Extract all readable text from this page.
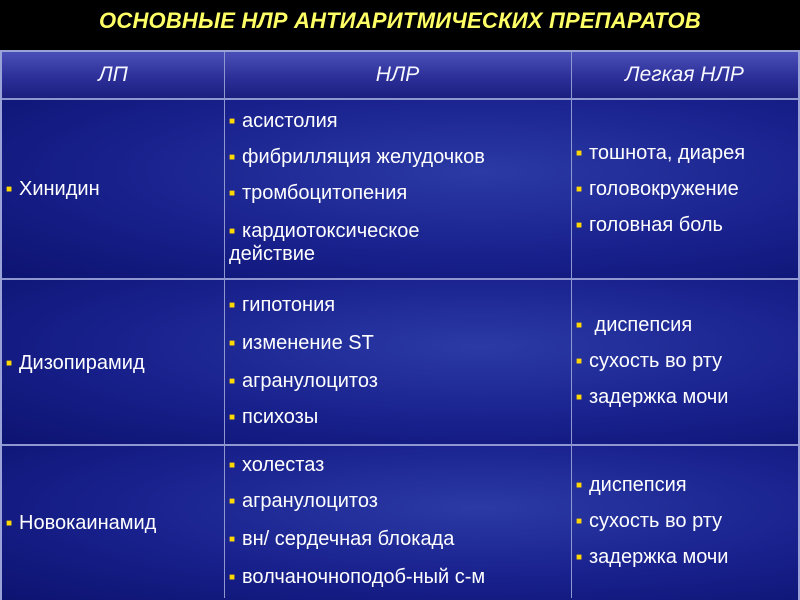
ОСНОВНЫЕ НЛР АНТИАРИТМИЧЕСКИХ ПРЕПАРАТОВ
ЛП	НЛР	Легкая НЛР
■ Хинидин
■ асистолия
■ фибрилляция желудочков
■ тромбоцитопения
■ кардиотоксическое действие
■ тошнота, диарея
■ головокружение
■ головная боль
■ Дизопирамид
■ гипотония
■ изменение ST
■ агранулоцитоз
■ психозы
■ диспепсия
■ сухость во рту
■ задержка мочи
■ Новокаинамид
■ холестаз
■ агранулоцитоз
■ вн/ сердечная блокада
■ волчаночноподоб-ный с-м
■ диспепсия
■ сухость во рту
■ задержка мочи
